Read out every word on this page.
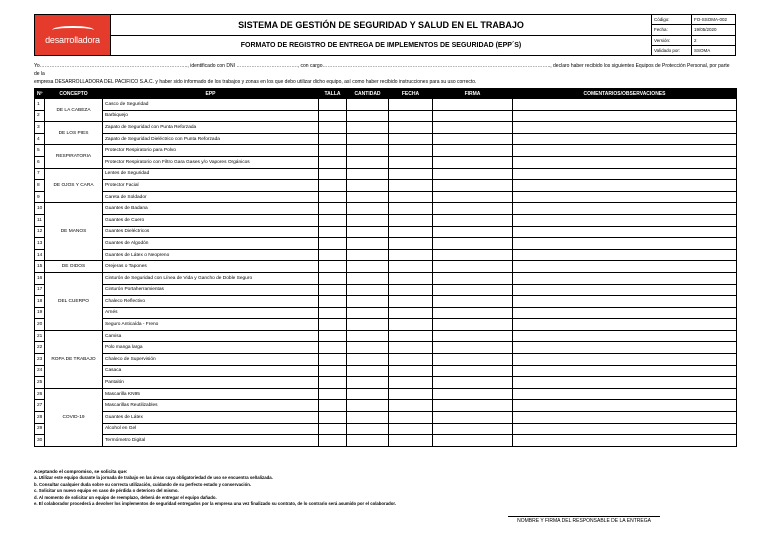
desarrolladora
SISTEMA DE GESTIÓN DE SEGURIDAD Y SALUD EN EL TRABAJO
FORMATO DE REGISTRO DE ENTREGA DE IMPLEMENTOS DE SEGURIDAD (EPP´S)
Código:	FO-SSOMA-002
Fecha:	19/05/2020
Versión:	2
Validado por:	SSOMA
Yo…………………………………………………………………………….., identificado con DNI ………………………………., con cargo……………………………………………………………………………………………………………………….., declaro haber recibido los siguientes Equipos de Protección Personal, por parte de la
empresa DESARROLLADORA DEL PACIFICO S.A.C. y haber sido informado de los trabajos y zonas en los que debo utilizar dicho equipo, así como haber recibido instrucciones para su uso correcto.
Nº	CONCEPTO	EPP	TALLA	CANTIDAD	FECHA	FIRMA	COMENTARIOS/OBSERVACIONES
1	DE LA CABEZA	Casco de Seguridad					
2		Barbiquejo					
3	DE LOS PIES	Zapato de Seguridad con Punta Reforzada					
4		Zapato de Seguridad Dieléctrico con Punta Reforzada					
5	RESPIRATORIA	Protector Respiratorio para Polvo					
6		Protector Respiratorio con Filtro Gara Gases y/o Vapores Orgánicos					
7	DE OJOS Y CARA	Lentes de Seguridad					
8		Protector Facial					
9		Careta de Soldador					
10	DE MANOS	Guantes de Badana					
11		Guantes de Cuero					
12		Guantes Dieléctricos					
13		Guantes de Algodón					
14		Guantes de Látex o Neopreno					
15	DE OIDOS	Orejeras o Tapones					
16	DEL CUERPO	Cinturón de Seguridad con Línea de Vida y Gancho de Doble Seguro					
17		Cinturón Portaherramientas					
18		Chaleco Reflectivo					
19		Arnés					
20		Seguro Anticaída - Freno					
21	ROPA DE TRABAJO	Camisa					
22		Polo manga larga					
23		Chaleco de Supervisión					
24		Casaca					
25		Pantalón					
26	COVID-19	Mascarilla KN95					
27		Mascarillas Reutilizables					
28		Guantes de Látex					
29		Alcohol en Gel					
30		Termómetro Digital					
Aceptando el compromiso, se solicita que:
a. Utilizar este equipo durante la jornada de trabajo en las áreas cuya obligatoriedad de uso se encuentra señalizada.
b. Consultar cualquier duda sobre su correcta utilización, cuidando de su perfecto estado y conservación.
c. Solicitar un nuevo equipo en caso de pérdida o deterioro del mismo.
d. Al momento de solicitar un equipo de reemplazo, deberá de entregar el equipo dañado.
e. El colaborador procederá a devolver los implementos de seguridad entregados por la empresa una vez finalizado su contrato, de lo contrario será asumido por el colaborador.
NOMBRE Y FIRMA DEL RESPONSABLE DE LA ENTREGA
